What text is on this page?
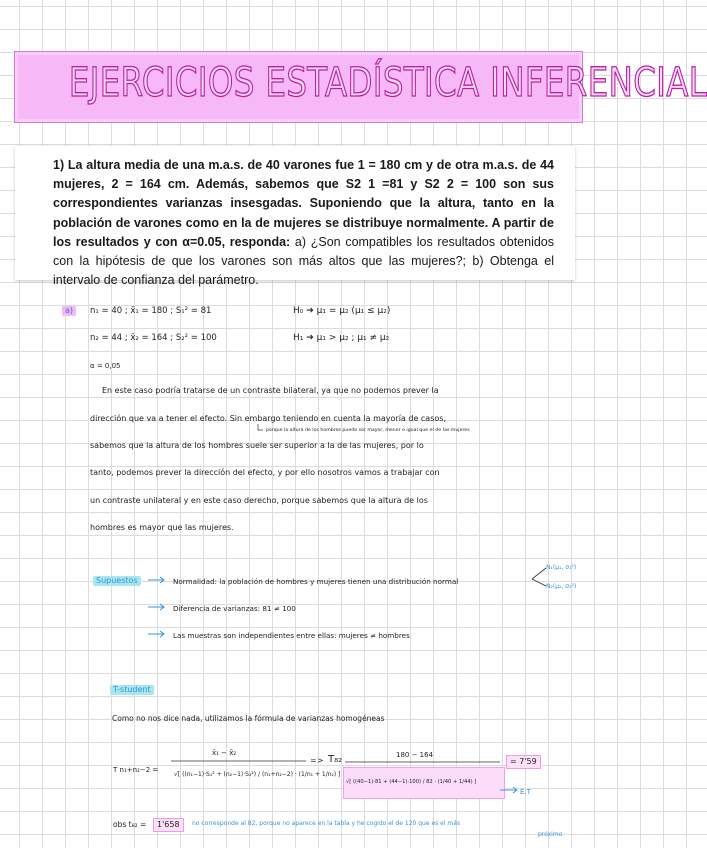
EJERCICIOS ESTADÍSTICA INFERENCIAL

1) La altura media de una m.a.s. de 40 varones fue 1 = 180 cm y de otra m.a.s. de 44 mujeres, 2 = 164 cm. Además, sabemos que S2 1 =81 y S2 2 = 100 son sus correspondientes varianzas insesgadas. Suponiendo que la altura, tanto en la población de varones como en la de mujeres se distribuye normalmente. A partir de los resultados y con α=0.05, responda: a) ¿Son compatibles los resultados obtenidos con la hipótesis de que los varones son más altos que las mujeres?; b) Obtenga el intervalo de confianza del parámetro.

a)	n₁ = 40 ; x̄₁ = 180 ; S₁² = 81
n₂ = 44 ; x̄₂ = 164 ; S₂² = 100
α = 0,05
H₀ ➔ μ₁ = μ₂ (μ₁ ≤ μ₂)
H₁ ➔ μ₁ > μ₂ ; μ₁ ≠ μ₂
En este caso podría tratarse de un contraste bilateral, ya que no podemos prever la
dirección que va a tener el efecto. Sin embargo teniendo en cuenta la mayoría de casos,
porque la altura de los hombres puede ser mayor, menor o igual que el de las mujeres
sabemos que la altura de los hombres suele ser superior a la de las mujeres, por lo
tanto, podemos prever la dirección del efecto, y por ello nosotros vamos a trabajar con
un contraste unilateral y en este caso derecho, porque sabemos que la altura de los
hombres es mayor que las mujeres.
Supuestos	Normalidad: la población de hombres y mujeres tienen una distribución normal
N₁(μ₁, σ₁²)
N₂(μ₂, σ₂²)
Diferencia de varianzas: 81 ≠ 100
Las muestras son independientes entre ellas: mujeres ≠ hombres
T-student
Como no nos dice nada, utilizamos la fórmula de varianzas homogéneas
T n₁+n₂−2 =
x̄₁ − x̄₂
√[ ((n₁−1)·S₁² + (n₂−1)·S₂²) / (n₁+n₂−2) · (1/n₁ + 1/n₂) ]
=> T₈₂	180 − 164
√[ ((40−1)·81 + (44−1)·100) / 82 · (1/40 + 1/44) ]
= 7'59
E.T
obs t₈₂ =	1'658	no corresponde al 82, porque no aparece en la tabla y he cogido el de 120 que es el más
próximo
